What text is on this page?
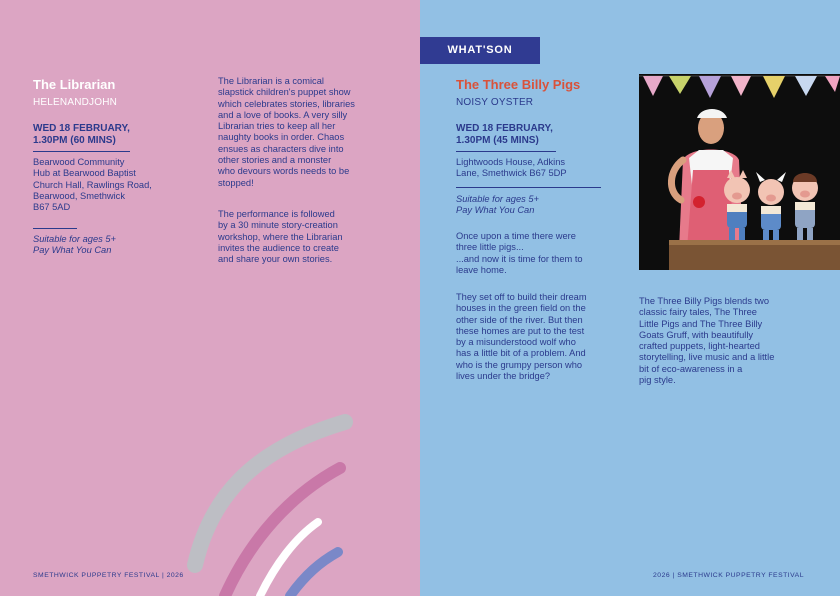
The Librarian
HELENANDJOHN
WED 18 FEBRUARY,
1.30PM (60 MINS)
Bearwood Community
Hub at Bearwood Baptist
Church Hall, Rawlings Road,
Bearwood, Smethwick
B67 5AD
Suitable for ages 5+
Pay What You Can
The Librarian is a comical
slapstick children's puppet show
which celebrates stories, libraries
and a love of books. A very silly
Librarian tries to keep all her
naughty books in order. Chaos
ensues as characters dive into
other stories and a monster
who devours words needs to be
stopped!
The performance is followed
by a 30 minute story-creation
workshop, where the Librarian
invites the audience to create
and share your own stories.
SMETHWICK PUPPETRY FESTIVAL | 2026
WHAT'SON
The Three Billy Pigs
NOISY OYSTER
WED 18 FEBRUARY,
1.30PM (45 MINS)
Lightwoods House, Adkins
Lane, Smethwick B67 5DP
Suitable for ages 5+
Pay What You Can
Once upon a time there were
three little pigs...
...and now it is time for them to
leave home.
They set off to build their dream
houses in the green field on the
other side of the river. But then
these homes are put to the test
by a misunderstood wolf who
has a little bit of a problem. And
who is the grumpy person who
lives under the bridge?
The Three Billy Pigs blends two
classic fairy tales, The Three
Little Pigs and The Three Billy
Goats Gruff, with beautifully
crafted puppets, light-hearted
storytelling, live music and a little
bit of eco-awareness in a
pig style.
2026 | SMETHWICK PUPPETRY FESTIVAL
